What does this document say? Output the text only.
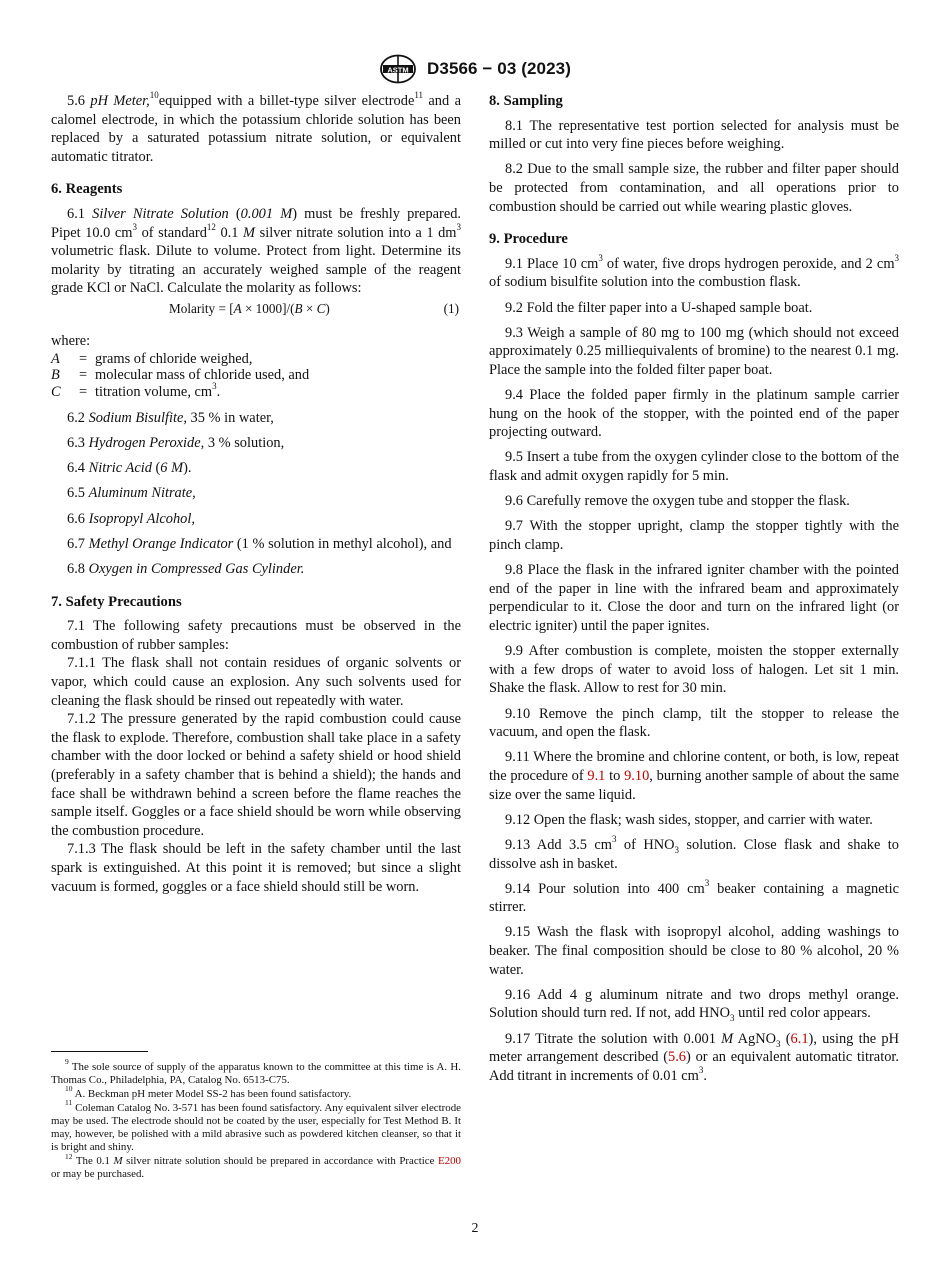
ASTM D3566 − 03 (2023)

5.6 pH Meter,$^{10}$equipped with a billet-type silver electrode$^{11}$ and a calomel electrode, in which the potassium chloride solution has been replaced by a saturated potassium nitrate solution, or equivalent automatic titrator.

6. Reagents

6.1 Silver Nitrate Solution (0.001 M) must be freshly prepared. Pipet 10.0 $cm^3$ of standard$^{12}$ 0.1 M silver nitrate solution into a 1 $dm^3$ volumetric flask. Dilute to volume. Protect from light. Determine its molarity by titrating an accurately weighed sample of the reagent grade KCl or NaCl. Calculate the molarity as follows:

Molarity = [A × 1000]/(B × C)	(1)
where:
A	= grams of chloride weighed,
B	= molecular mass of chloride used, and
C	= titration volume, $cm^3$.

6.2 Sodium Bisulfite, 35 % in water,

6.3 Hydrogen Peroxide, 3 % solution,

6.4 Nitric Acid (6 M).

6.5 Aluminum Nitrate,

6.6 Isopropyl Alcohol,

6.7 Methyl Orange Indicator (1 % solution in methyl alcohol), and

6.8 Oxygen in Compressed Gas Cylinder.

7. Safety Precautions

7.1 The following safety precautions must be observed in the combustion of rubber samples:

7.1.1 The flask shall not contain residues of organic solvents or vapor, which could cause an explosion. Any such solvents used for cleaning the flask should be rinsed out repeatedly with water.

7.1.2 The pressure generated by the rapid combustion could cause the flask to explode. Therefore, combustion shall take place in a safety chamber with the door locked or behind a safety shield or hood shield (preferably in a safety chamber that is behind a shield); the hands and face shall be withdrawn behind a screen before the flame reaches the sample itself. Goggles or a face shield should be worn while observing the combustion procedure.

7.1.3 The flask should be left in the safety chamber until the last spark is extinguished. At this point it is removed; but since a slight vacuum is formed, goggles or a face shield should still be worn.

$^9$ The sole source of supply of the apparatus known to the committee at this time is A. H. Thomas Co., Philadelphia, PA, Catalog No. 6513-C75.

$^{10}$ A. Beckman pH meter Model SS-2 has been found satisfactory.

$^{11}$ Coleman Catalog No. 3-571 has been found satisfactory. Any equivalent silver electrode may be used. The electrode should not be coated by the user, especially for Test Method B. It may, however, be polished with a mild abrasive such as powdered kitchen cleanser, so that it is bright and shiny.

$^{12}$ The 0.1 M silver nitrate solution should be prepared in accordance with Practice E200 or may be purchased.

8. Sampling

8.1 The representative test portion selected for analysis must be milled or cut into very fine pieces before weighing.

8.2 Due to the small sample size, the rubber and filter paper should be protected from contamination, and all operations prior to combustion should be carried out while wearing plastic gloves.

9. Procedure

9.1 Place 10 $cm^3$ of water, five drops hydrogen peroxide, and 2 $cm^3$ of sodium bisulfite solution into the combustion flask.

9.2 Fold the filter paper into a U-shaped sample boat.

9.3 Weigh a sample of 80 mg to 100 mg (which should not exceed approximately 0.25 milliequivalents of bromine) to the nearest 0.1 mg. Place the sample into the folded filter paper boat.

9.4 Place the folded paper firmly in the platinum sample carrier hung on the hook of the stopper, with the pointed end of the paper projecting outward.

9.5 Insert a tube from the oxygen cylinder close to the bottom of the flask and admit oxygen rapidly for 5 min.

9.6 Carefully remove the oxygen tube and stopper the flask.

9.7 With the stopper upright, clamp the stopper tightly with the pinch clamp.

9.8 Place the flask in the infrared igniter chamber with the pointed end of the paper in line with the infrared beam and approximately perpendicular to it. Close the door and turn on the infrared light (or electric igniter) until the paper ignites.

9.9 After combustion is complete, moisten the stopper externally with a few drops of water to avoid loss of halogen. Let sit 1 min. Shake the flask. Allow to rest for 30 min.

9.10 Remove the pinch clamp, tilt the stopper to release the vacuum, and open the flask.

9.11 Where the bromine and chlorine content, or both, is low, repeat the procedure of 9.1 to 9.10, burning another sample of about the same size over the same liquid.

9.12 Open the flask; wash sides, stopper, and carrier with water.

9.13 Add 3.5 $cm^3$ of $HNO_3$ solution. Close flask and shake to dissolve ash in basket.

9.14 Pour solution into 400 $cm^3$ beaker containing a magnetic stirrer.

9.15 Wash the flask with isopropyl alcohol, adding washings to beaker. The final composition should be close to 80 % alcohol, 20 % water.

9.16 Add 4 g aluminum nitrate and two drops methyl orange. Solution should turn red. If not, add $HNO_3$ until red color appears.

9.17 Titrate the solution with 0.001 M AgNO$_3$ (6.1), using the pH meter arrangement described (5.6) or an equivalent automatic titrator. Add titrant in increments of 0.01 $cm^3$.

2
